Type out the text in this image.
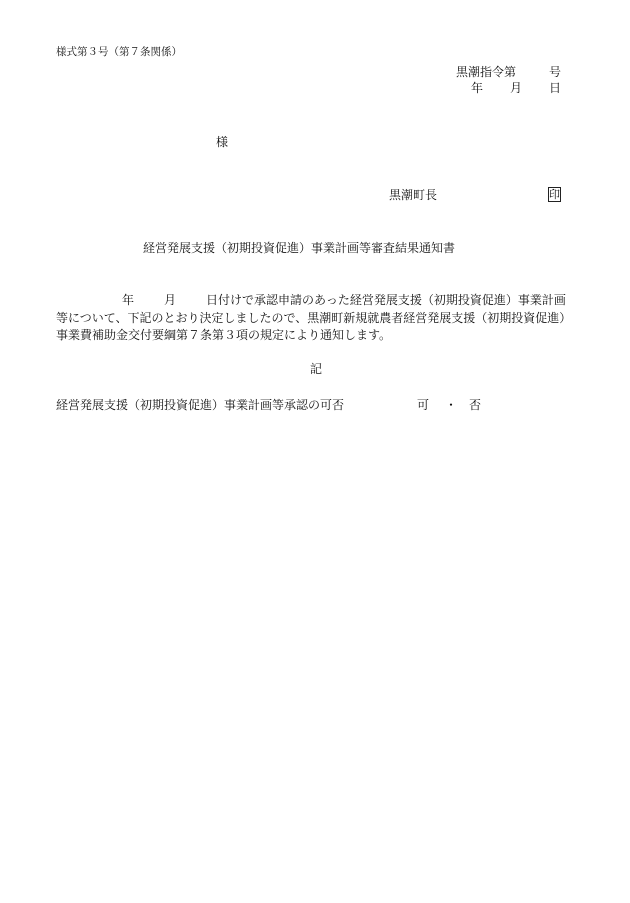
様式第３号（第７条関係）
黒潮指令第	号
年 月 日
様
黒潮町長	印
経営発展支援（初期投資促進）事業計画等審査結果通知書
年	月	日付けで承認申請のあった経営発展支援（初期投資促進）事業計画等について、下記のとおり決定しましたので、黒潮町新規就農者経営発展支援（初期投資促進）事業費補助金交付要綱第７条第３項の規定により通知します。
記
経営発展支援（初期投資促進）事業計画等承認の可否	可 ・ 否
